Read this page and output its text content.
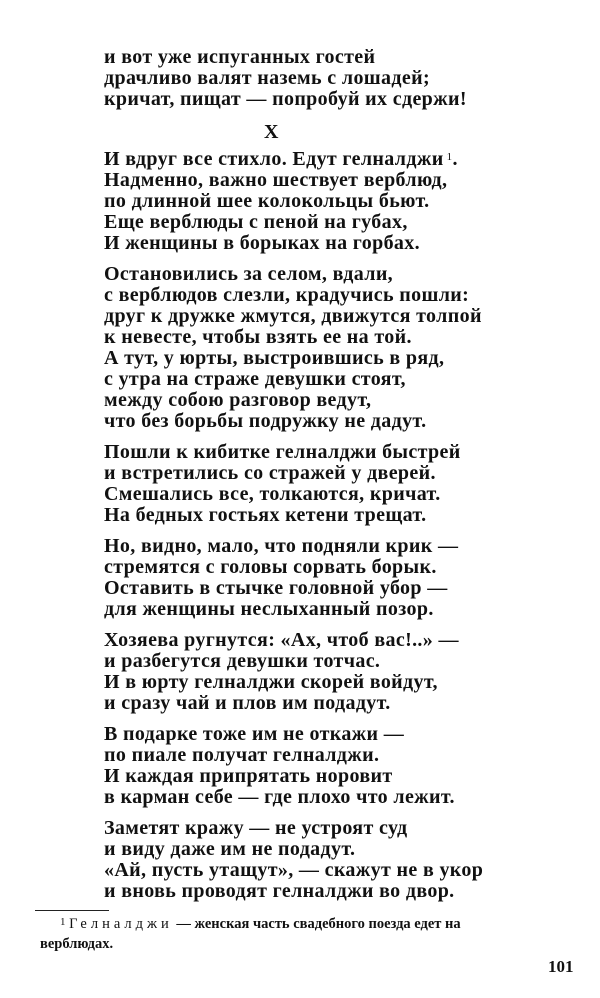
и вот уже испуганных гостей
драчливо валят наземь с лошадей;
кричат, пищат — попробуй их сдержи!
X
И вдруг все стихло. Едут гелналджи $^1$.
Надменно, важно шествует верблюд,
по длинной шее колокольцы бьют.
Еще верблюды с пеной на губах,
И женщины в борыках на горбах.
Остановились за селом, вдали,
с верблюдов слезли, крадучись пошли:
друг к дружке жмутся, движутся толпой
к невесте, чтобы взять ее на той.
А тут, у юрты, выстроившись в ряд,
с утра на страже девушки стоят,
между собою разговор ведут,
что без борьбы подружку не дадут.
Пошли к кибитке гелналджи быстрей
и встретились со стражей у дверей.
Смешались все, толкаются, кричат.
На бедных гостьях кетени трещат.
Но, видно, мало, что подняли крик —
стремятся с головы сорвать борык.
Оставить в стычке головной убор —
для женщины неслыханный позор.
Хозяева ругнутся: «Ах, чтоб вас!..» —
и разбегутся девушки тотчас.
И в юрту гелналджи скорей войдут,
и сразу чай и плов им подадут.
В подарке тоже им не откажи —
по пиале получат гелналджи.
И каждая припрятать норовит
в карман себе — где плохо что лежит.
Заметят кражу — не устроят суд
и виду даже им не подадут.
«Ай, пусть утащут», — скажут не в укор
и вновь проводят гелналджи во двор.
$^1$ Гелналджи — женская часть свадебного поезда едет на
верблюдах.
101
